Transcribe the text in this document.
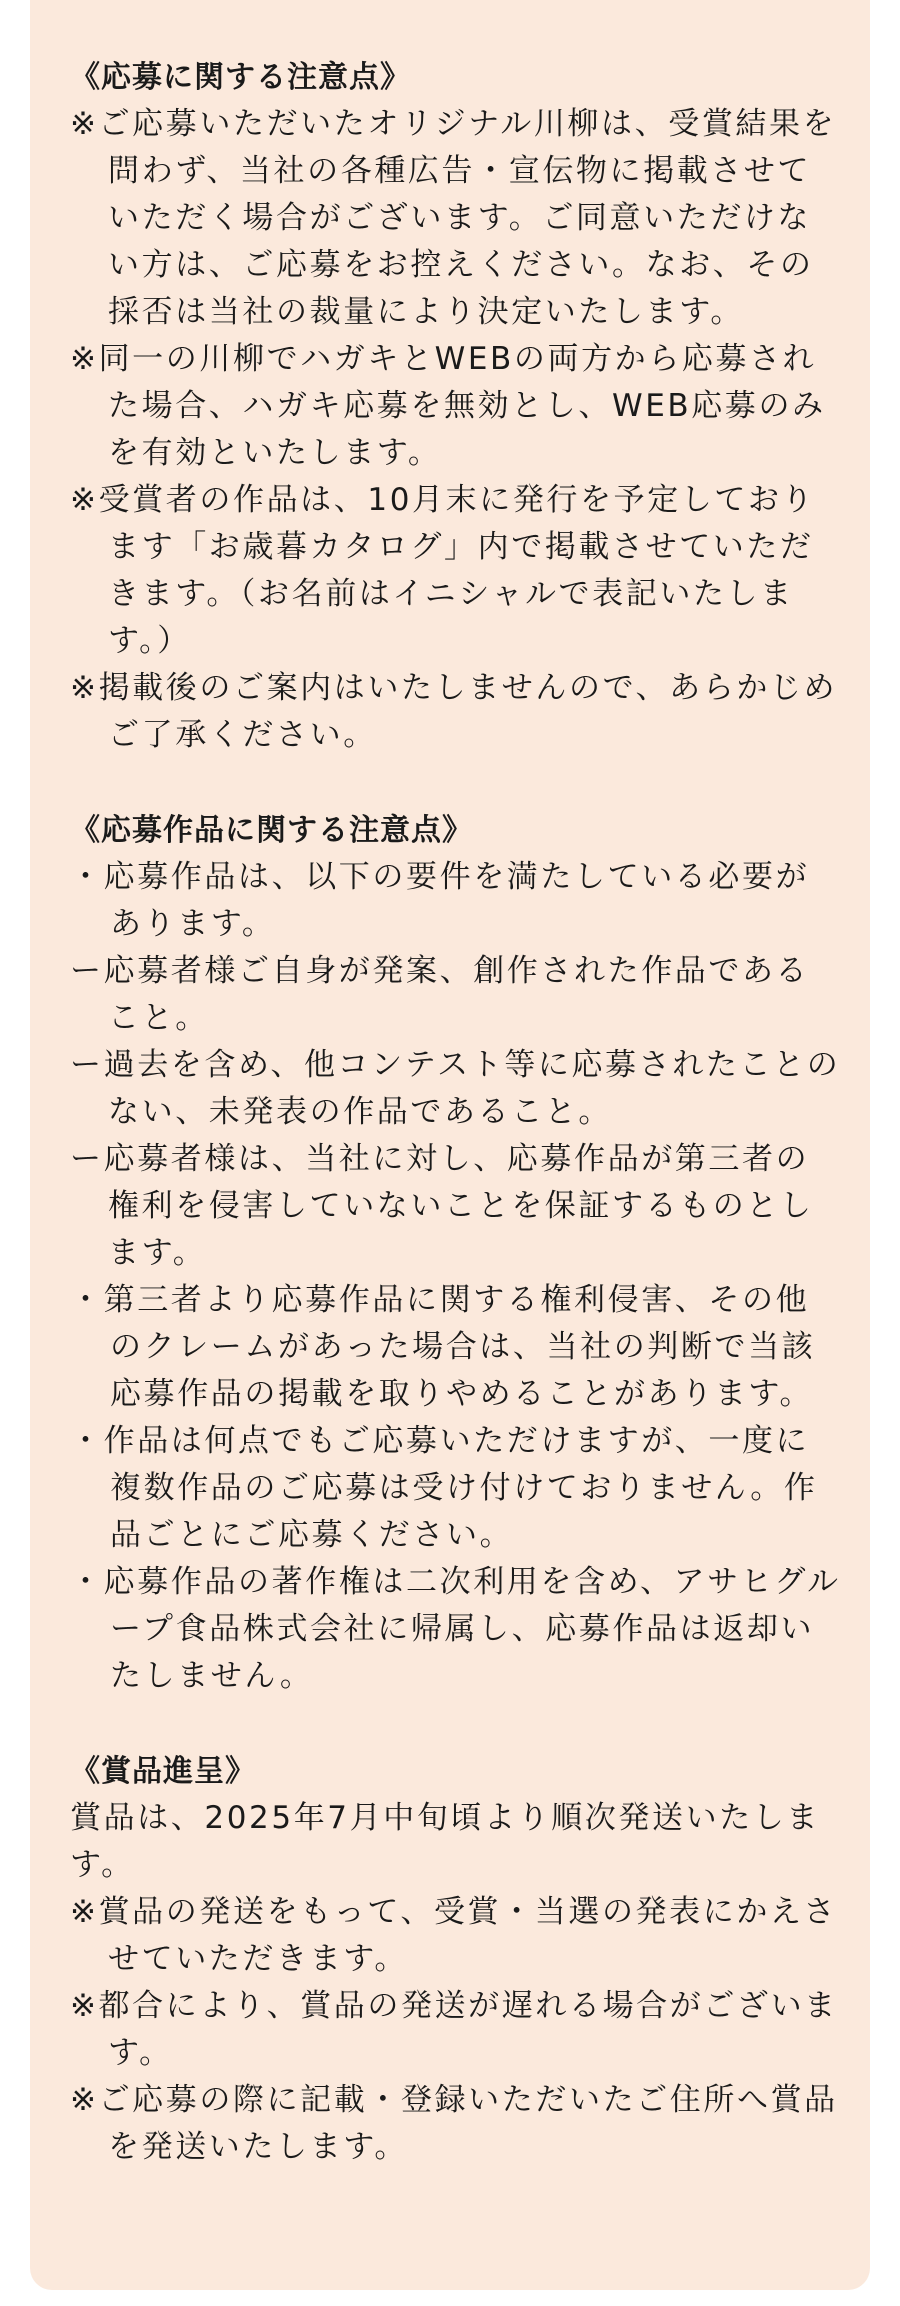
《応募に関する注意点》

※ご応募いただいたオリジナル川柳は、受賞結果を問わず、当社の各種広告・宣伝物に掲載させていただく場合がございます。ご同意いただけない方は、ご応募をお控えください。なお、その採否は当社の裁量により決定いたします。

※同一の川柳でハガキとWEBの両方から応募された場合、ハガキ応募を無効とし、WEB応募のみを有効といたします。

※受賞者の作品は、10月末に発行を予定しております「お歳暮カタログ」内で掲載させていただきます。（お名前はイニシャルで表記いたします。）

※掲載後のご案内はいたしませんので、あらかじめご了承ください。

《応募作品に関する注意点》

・応募作品は、以下の要件を満たしている必要があります。

ー応募者様ご自身が発案、創作された作品であること。

ー過去を含め、他コンテスト等に応募されたことのない、未発表の作品であること。

ー応募者様は、当社に対し、応募作品が第三者の権利を侵害していないことを保証するものとします。

・第三者より応募作品に関する権利侵害、その他のクレームがあった場合は、当社の判断で当該応募作品の掲載を取りやめることがあります。

・作品は何点でもご応募いただけますが、一度に複数作品のご応募は受け付けておりません。作品ごとにご応募ください。

・応募作品の著作権は二次利用を含め、アサヒグループ食品株式会社に帰属し、応募作品は返却いたしません。

《賞品進呈》

賞品は、2025年7月中旬頃より順次発送いたします。

※賞品の発送をもって、受賞・当選の発表にかえさせていただきます。

※都合により、賞品の発送が遅れる場合がございます。

※ご応募の際に記載・登録いただいたご住所へ賞品を発送いたします。
